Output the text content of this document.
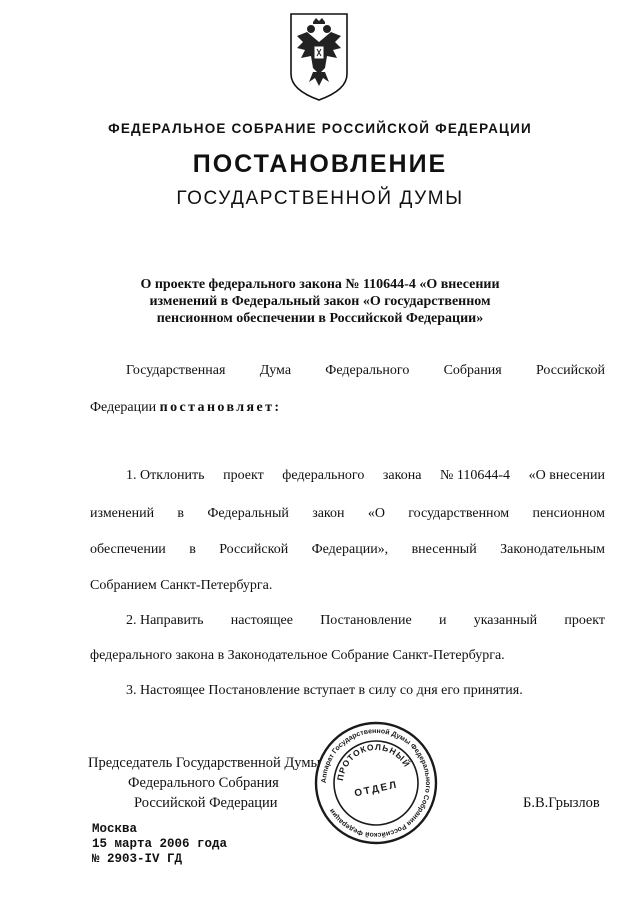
ФЕДЕРАЛЬНОЕ СОБРАНИЕ РОССИЙСКОЙ ФЕДЕРАЦИИ
ПОСТАНОВЛЕНИЕ
ГОСУДАРСТВЕННОЙ ДУМЫ
О проекте федерального закона № 110644-4 «О внесении
изменений в Федеральный закон «О государственном
пенсионном обеспечении в Российской Федерации»
Государственная Дума Федерального Собрания Российской
Федерации постановляет:
1. Отклонить проект федерального закона № 110644-4 «О внесении
изменений в Федеральный закон «О государственном пенсионном
обеспечении в Российской Федерации», внесенный Законодательным
Собранием Санкт-Петербурга.
2. Направить настоящее Постановление и указанный проект
федерального закона в Законодательное Собрание Санкт-Петербурга.
3. Настоящее Постановление вступает в силу со дня его принятия.
Председатель Государственной Думы
Федерального Собрания
Российской Федерации	Б.В.Грызлов
Аппарат Государственной Думы Федерального Собрания Российской Федерации
ПРОТОКОЛЬНЫЙ
ОТДЕЛ
Москва
15 марта 2006 года
№ 2903-IV ГД
